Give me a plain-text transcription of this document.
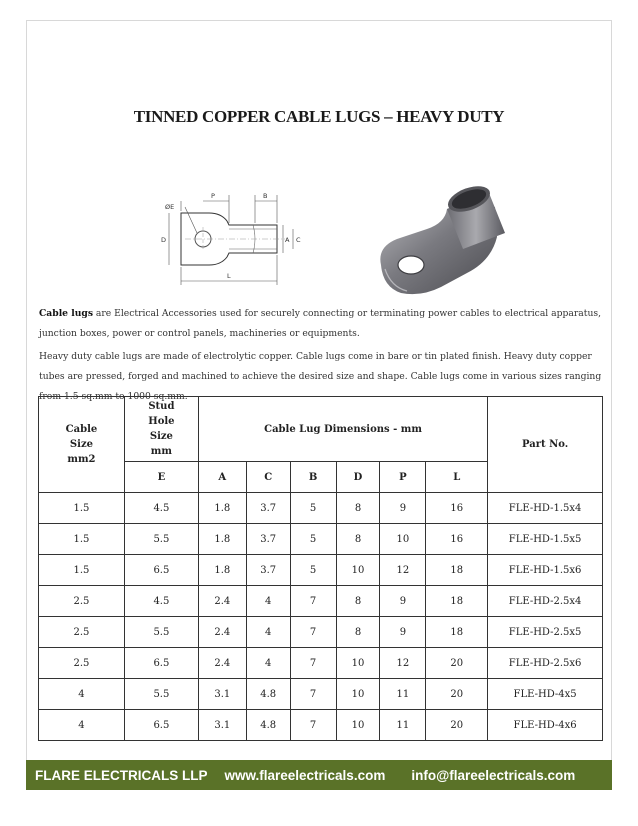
TINNED COPPER CABLE LUGS – HEAVY DUTY
ØE
P	B
D	A C
L
Cable lugs are Electrical Accessories used for securely connecting or terminating power cables to electrical apparatus, junction boxes, power or control panels, machineries or equipments.
Heavy duty cable lugs are made of electrolytic copper. Cable lugs come in bare or tin plated finish. Heavy duty copper tubes are pressed, forged and machined to achieve the desired size and shape. Cable lugs come in various sizes ranging from 1.5 sq.mm to 1000 sq.mm.
Cable Size mm2	Stud Hole Size mm	Cable Lug Dimensions - mm						Part No.
	E	A	C	B	D	P	L	
1.5	4.5	1.8	3.7	5	8	9	16	FLE-HD-1.5x4
1.5	5.5	1.8	3.7	5	8	10	16	FLE-HD-1.5x5
1.5	6.5	1.8	3.7	5	10	12	18	FLE-HD-1.5x6
2.5	4.5	2.4	4	7	8	9	18	FLE-HD-2.5x4
2.5	5.5	2.4	4	7	8	9	18	FLE-HD-2.5x5
2.5	6.5	2.4	4	7	10	12	20	FLE-HD-2.5x6
4	5.5	3.1	4.8	7	10	11	20	FLE-HD-4x5
4	6.5	3.1	4.8	7	10	11	20	FLE-HD-4x6
FLARE ELECTRICALS LLP www.flareelectricals.com info@flareelectricals.com
